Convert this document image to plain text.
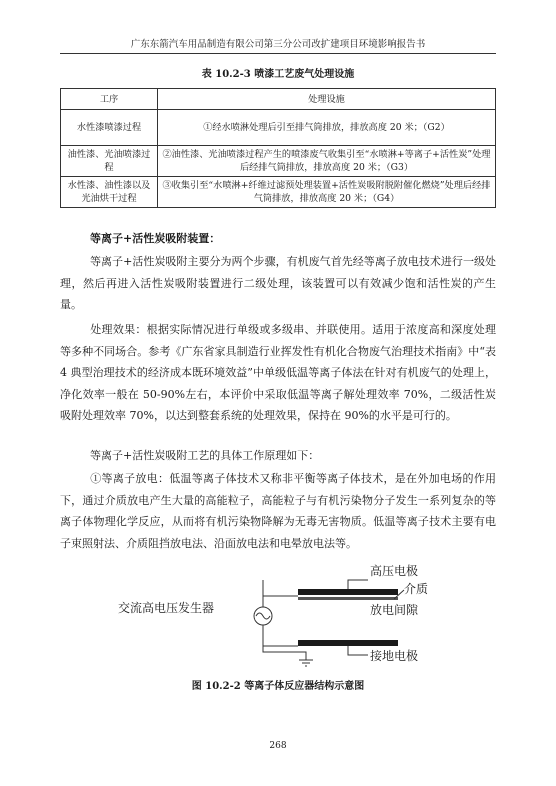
广东东箭汽车用品制造有限公司第三分公司改扩建项目环境影响报告书
表 10.2-3 喷漆工艺废气处理设施
工序	处理设施
水性漆喷漆过程	①经水喷淋处理后引至排气筒排放，排放高度 20 米；（G2）
油性漆、光油喷漆过程	②油性漆、光油喷漆过程产生的喷漆废气收集引至“水喷淋+等离子+活性炭”处理后经排气筒排放，排放高度 20 米；（G3）
水性漆、油性漆以及光油烘干过程	③收集引至“水喷淋+纤维过滤预处理装置+活性炭吸附脱附催化燃烧”处理后经排气筒排放，排放高度 20 米；（G4）
等离子+活性炭吸附装置：

等离子+活性炭吸附主要分为两个步骤，有机废气首先经等离子放电技术进行一级处理，然后再进入活性炭吸附装置进行二级处理，该装置可以有效减少饱和活性炭的产生量。

处理效果：根据实际情况进行单级或多级串、并联使用。适用于浓度高和深度处理等多种不同场合。参考《广东省家具制造行业挥发性有机化合物废气治理技术指南》中“表 4 典型治理技术的经济成本既环境效益”中单级低温等离子体法在针对有机废气的处理上，净化效率一般在 50-90%左右，本评价中采取低温等离子解处理效率 70%，二级活性炭吸附处理效率 70%，以达到整套系统的处理效果，保持在 90%的水平是可行的。

等离子+活性炭吸附工艺的具体工作原理如下：

①等离子放电：低温等离子体技术又称非平衡等离子体技术，是在外加电场的作用下，通过介质放电产生大量的高能粒子，高能粒子与有机污染物分子发生一系列复杂的等离子体物理化学反应，从而将有机污染物降解为无毒无害物质。低温等离子技术主要有电子束照射法、介质阻挡放电法、沿面放电法和电晕放电法等。

交流高电压发生器
高压电极
介质
放电间隙
接地电极
图 10.2-2 等离子体反应器结构示意图
268
